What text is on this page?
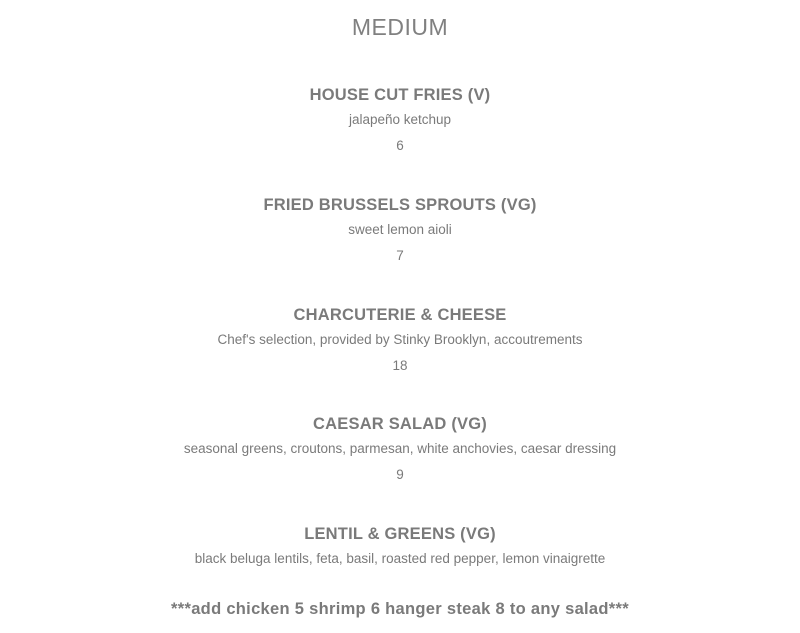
MEDIUM
HOUSE CUT FRIES (V)
jalapeño ketchup
6
FRIED BRUSSELS SPROUTS (VG)
sweet lemon aioli
7
CHARCUTERIE & CHEESE
Chef's selection, provided by Stinky Brooklyn, accoutrements
18
CAESAR SALAD (VG)
seasonal greens, croutons, parmesan, white anchovies, caesar dressing
9
LENTIL & GREENS (VG)
black beluga lentils, feta, basil, roasted red pepper, lemon vinaigrette
***add chicken 5 shrimp 6 hanger steak 8 to any salad***
